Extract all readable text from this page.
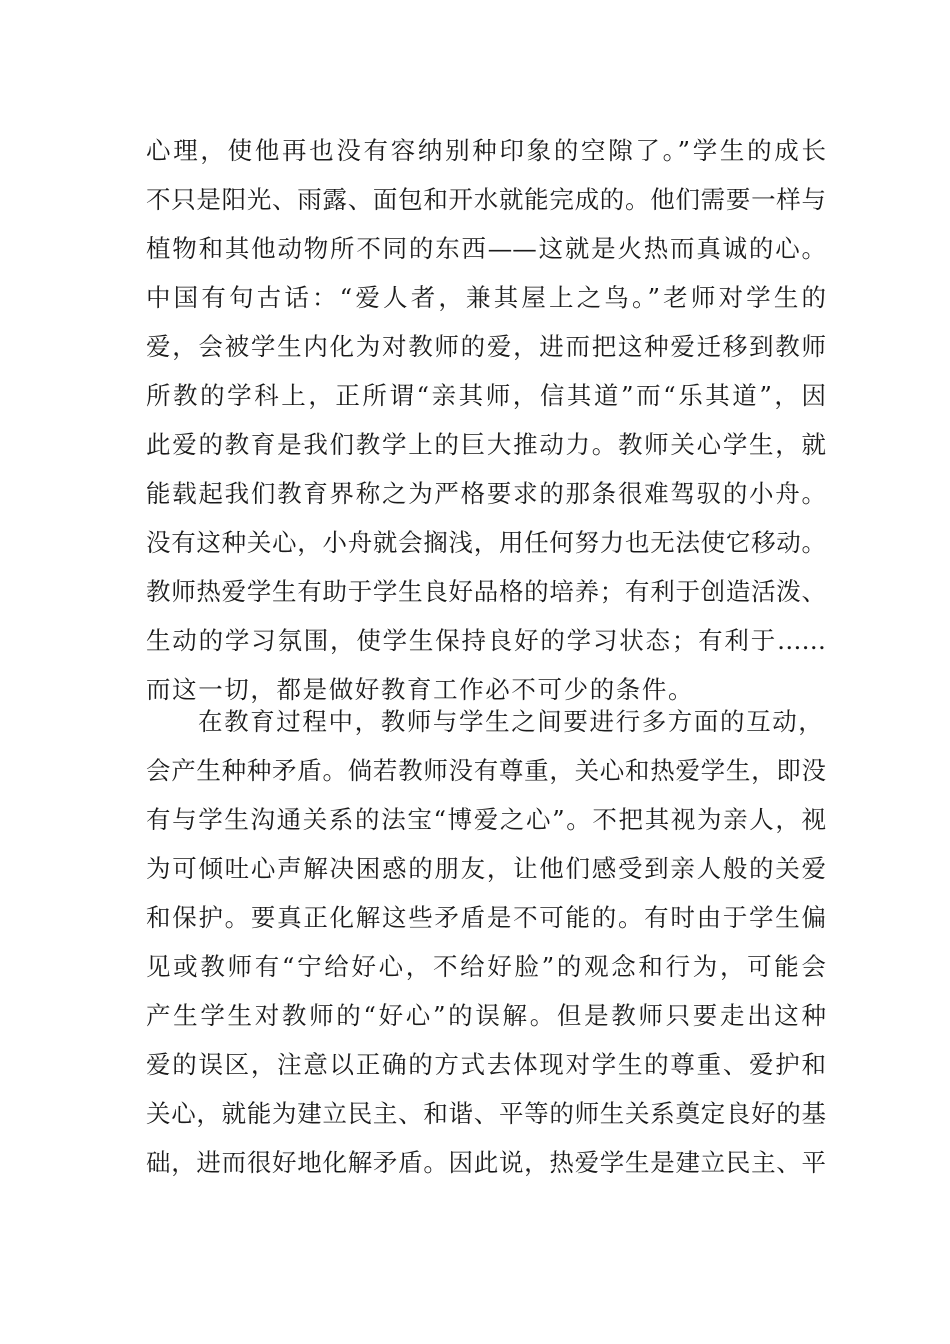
心理，使他再也没有容纳别种印象的空隙了。”学生的成长
不只是阳光、雨露、面包和开水就能完成的。他们需要一样与
植物和其他动物所不同的东西——这就是火热而真诚的心。
中国有句古话：“爱人者，兼其屋上之鸟。”老师对学生的
爱，会被学生内化为对教师的爱，进而把这种爱迁移到教师
所教的学科上，正所谓“亲其师，信其道”而“乐其道”，因
此爱的教育是我们教学上的巨大推动力。教师关心学生，就
能载起我们教育界称之为严格要求的那条很难驾驭的小舟。
没有这种关心，小舟就会搁浅，用任何努力也无法使它移动。
教师热爱学生有助于学生良好品格的培养；有利于创造活泼、
生动的学习氛围，使学生保持良好的学习状态；有利于……
而这一切，都是做好教育工作必不可少的条件。
在教育过程中，教师与学生之间要进行多方面的互动，
会产生种种矛盾。倘若教师没有尊重，关心和热爱学生，即没
有与学生沟通关系的法宝“博爱之心”。不把其视为亲人，视
为可倾吐心声解决困惑的朋友，让他们感受到亲人般的关爱
和保护。要真正化解这些矛盾是不可能的。有时由于学生偏
见或教师有“宁给好心，不给好脸”的观念和行为，可能会
产生学生对教师的“好心”的误解。但是教师只要走出这种
爱的误区，注意以正确的方式去体现对学生的尊重、爱护和
关心，就能为建立民主、和谐、平等的师生关系奠定良好的基
础，进而很好地化解矛盾。因此说，热爱学生是建立民主、平
